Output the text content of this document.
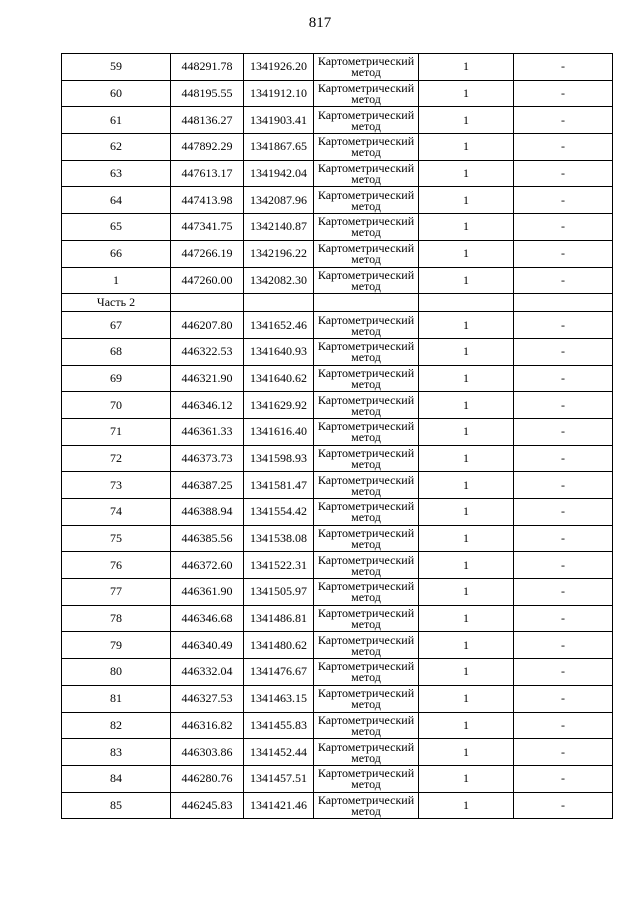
817
59	448291.78	1341926.20	Картометрический
метод	1	-
60	448195.55	1341912.10	Картометрический
метод	1	-
61	448136.27	1341903.41	Картометрический
метод	1	-
62	447892.29	1341867.65	Картометрический
метод	1	-
63	447613.17	1341942.04	Картометрический
метод	1	-
64	447413.98	1342087.96	Картометрический
метод	1	-
65	447341.75	1342140.87	Картометрический
метод	1	-
66	447266.19	1342196.22	Картометрический
метод	1	-
1	447260.00	1342082.30	Картометрический
метод	1	-
Часть 2					
67	446207.80	1341652.46	Картометрический
метод	1	-
68	446322.53	1341640.93	Картометрический
метод	1	-
69	446321.90	1341640.62	Картометрический
метод	1	-
70	446346.12	1341629.92	Картометрический
метод	1	-
71	446361.33	1341616.40	Картометрический
метод	1	-
72	446373.73	1341598.93	Картометрический
метод	1	-
73	446387.25	1341581.47	Картометрический
метод	1	-
74	446388.94	1341554.42	Картометрический
метод	1	-
75	446385.56	1341538.08	Картометрический
метод	1	-
76	446372.60	1341522.31	Картометрический
метод	1	-
77	446361.90	1341505.97	Картометрический
метод	1	-
78	446346.68	1341486.81	Картометрический
метод	1	-
79	446340.49	1341480.62	Картометрический
метод	1	-
80	446332.04	1341476.67	Картометрический
метод	1	-
81	446327.53	1341463.15	Картометрический
метод	1	-
82	446316.82	1341455.83	Картометрический
метод	1	-
83	446303.86	1341452.44	Картометрический
метод	1	-
84	446280.76	1341457.51	Картометрический
метод	1	-
85	446245.83	1341421.46	Картометрический
метод	1	-
